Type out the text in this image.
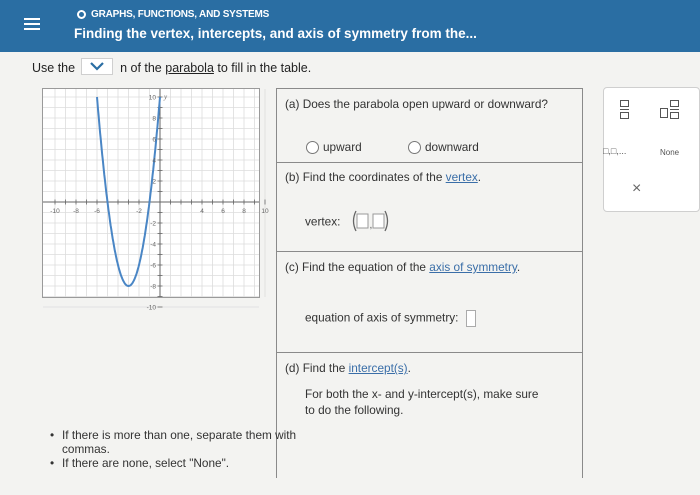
GRAPHS, FUNCTIONS, AND SYSTEMS
Finding the vertex, intercepts, and axis of symmetry from the...
Use the	n of the parabola to fill in the table.
-10 -8 -6	-2	4	6	8 10
10
8
6
4
2
-2
-4
-6
-8
-10
y	(a) Does the parabola open upward or downward?
upward	downward
(b) Find the coordinates of the vertex.
vertex:	,
(c) Find the equation of the axis of symmetry.
equation of axis of symmetry:
(d) Find the intercept(s).
For both the x- and y-intercept(s), make sure
to do the following.
• If there is more than one, separate them with commas.
• If there are none, select "None".
□,□,...	None
×
